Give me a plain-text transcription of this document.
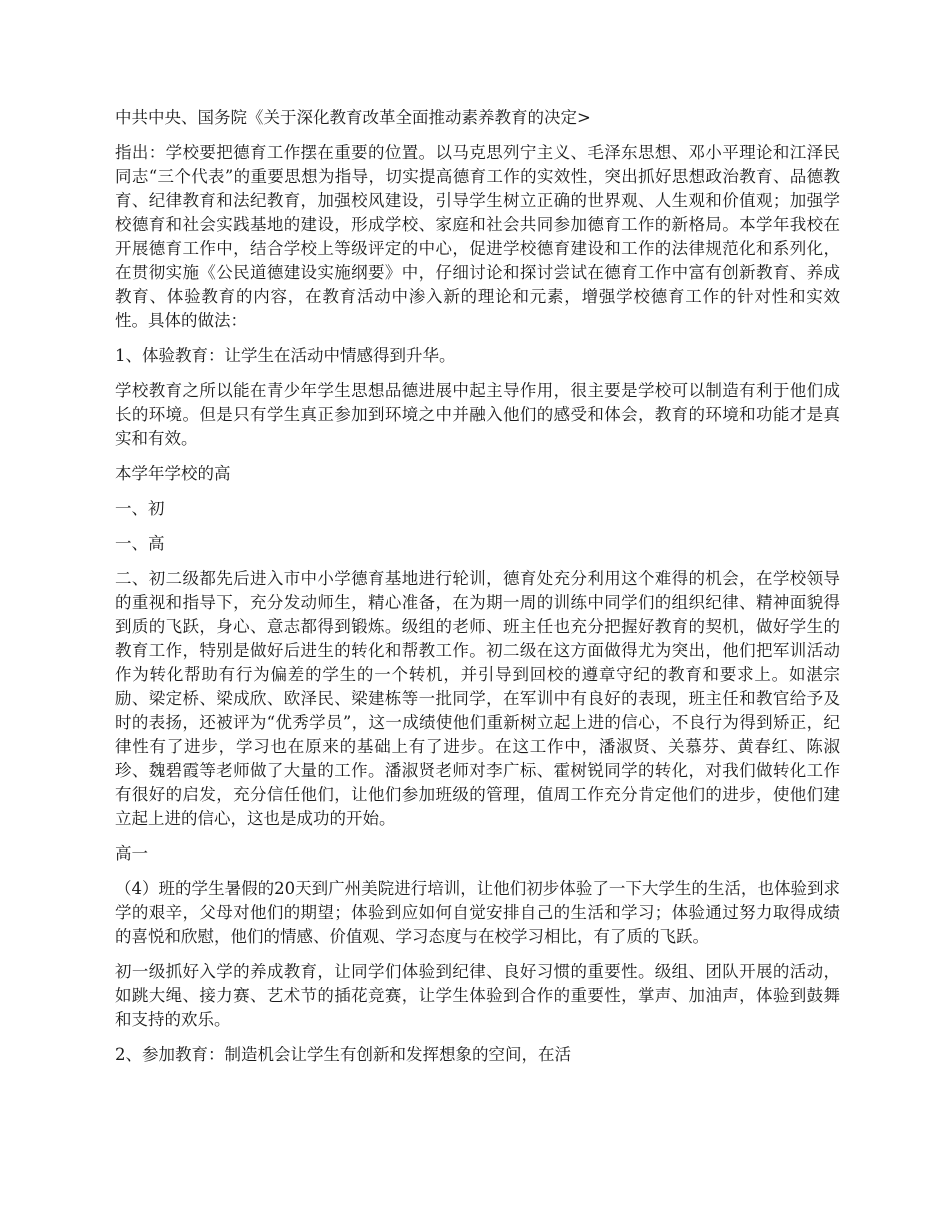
中共中央、国务院《关于深化教育改革全面推动素养教育的决定>

指出：学校要把德育工作摆在重要的位置。以马克思列宁主义、毛泽东思想、邓小平理论和江泽民同志“三个代表”的重要思想为指导，切实提高德育工作的实效性，突出抓好思想政治教育、品德教育、纪律教育和法纪教育，加强校风建设，引导学生树立正确的世界观、人生观和价值观；加强学校德育和社会实践基地的建设，形成学校、家庭和社会共同参加德育工作的新格局。本学年我校在开展德育工作中，结合学校上等级评定的中心，促进学校德育建设和工作的法律规范化和系列化，在贯彻实施《公民道德建设实施纲要》中，仔细讨论和探讨尝试在德育工作中富有创新教育、养成教育、体验教育的内容，在教育活动中渗入新的理论和元素，增强学校德育工作的针对性和实效性。具体的做法：

1、体验教育：让学生在活动中情感得到升华。

学校教育之所以能在青少年学生思想品德进展中起主导作用，很主要是学校可以制造有利于他们成长的环境。但是只有学生真正参加到环境之中并融入他们的感受和体会，教育的环境和功能才是真实和有效。

本学年学校的高

一、初

一、高

二、初二级都先后进入市中小学德育基地进行轮训，德育处充分利用这个难得的机会，在学校领导的重视和指导下，充分发动师生，精心准备，在为期一周的训练中同学们的组织纪律、精神面貌得到质的飞跃，身心、意志都得到锻炼。级组的老师、班主任也充分把握好教育的契机，做好学生的教育工作，特别是做好后进生的转化和帮教工作。初二级在这方面做得尤为突出，他们把军训活动作为转化帮助有行为偏差的学生的一个转机，并引导到回校的遵章守纪的教育和要求上。如湛宗励、梁定桥、梁成欣、欧泽民、梁建栋等一批同学，在军训中有良好的表现，班主任和教官给予及时的表扬，还被评为“优秀学员”，这一成绩使他们重新树立起上进的信心，不良行为得到矫正，纪律性有了进步，学习也在原来的基础上有了进步。在这工作中，潘淑贤、关慕芬、黄春红、陈淑珍、魏碧霞等老师做了大量的工作。潘淑贤老师对李广标、霍树锐同学的转化，对我们做转化工作有很好的启发，充分信任他们，让他们参加班级的管理，值周工作充分肯定他们的进步，使他们建立起上进的信心，这也是成功的开始。

高一

（4）班的学生暑假的20天到广州美院进行培训，让他们初步体验了一下大学生的生活，也体验到求学的艰辛，父母对他们的期望；体验到应如何自觉安排自己的生活和学习；体验通过努力取得成绩的喜悦和欣慰，他们的情感、价值观、学习态度与在校学习相比，有了质的飞跃。

初一级抓好入学的养成教育，让同学们体验到纪律、良好习惯的重要性。级组、团队开展的活动，如跳大绳、接力赛、艺术节的插花竞赛，让学生体验到合作的重要性，掌声、加油声，体验到鼓舞和支持的欢乐。

2、参加教育：制造机会让学生有创新和发挥想象的空间，在活
